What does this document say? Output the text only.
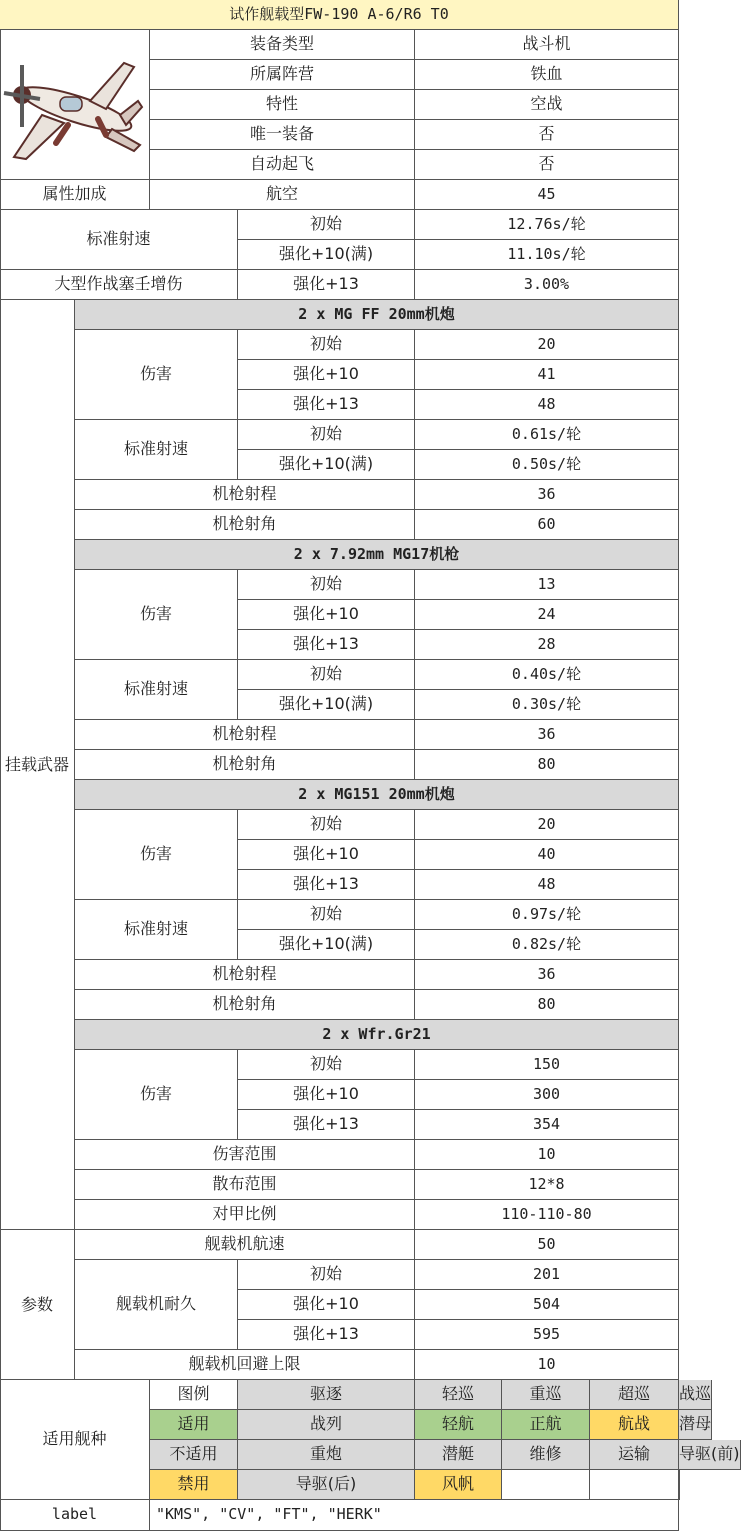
试作舰载型FW-190 A-6/R6 T0
装备类型	战斗机
所属阵营	铁血
特性	空战
唯一装备	否
自动起飞	否
属性加成	航空	45
标准射速
初始	12.76s/轮
强化+10(满)	11.10s/轮
大型作战塞壬增伤	强化+13	3.00%
2 x MG FF 20mm机炮
伤害
初始	20
强化+10	41
强化+13	48
标准射速
初始	0.61s/轮
强化+10(满)	0.50s/轮
机枪射程	36
机枪射角	60
2 x 7.92mm MG17机枪
伤害
初始	13
强化+10	24
强化+13	28
标准射速
初始	0.40s/轮
强化+10(满)	0.30s/轮
机枪射程	36
机枪射角	80
2 x MG151 20mm机炮
伤害
初始	20
强化+10	40
强化+13	48
标准射速
初始	0.97s/轮
强化+10(满)	0.82s/轮
机枪射程	36
机枪射角	80
2 x Wfr.Gr21
伤害
初始	150
强化+10	300
强化+13	354
伤害范围	10
散布范围	12*8
对甲比例	110-110-80
挂 载 武 器
舰载机航速	50
舰载机耐久
初始	201
强化+10	504
强化+13	595
舰载机回避上限	10
参 数
适用舰种
图例	驱逐	轻巡	重巡	超巡	战巡
适用	战列	轻航	正航	航战	潜母
不适用	重炮	潜艇	维修	运输	导驱(前)
禁用	导驱(后)	风帆
label	"KMS", "CV", "FT", "HERK"
